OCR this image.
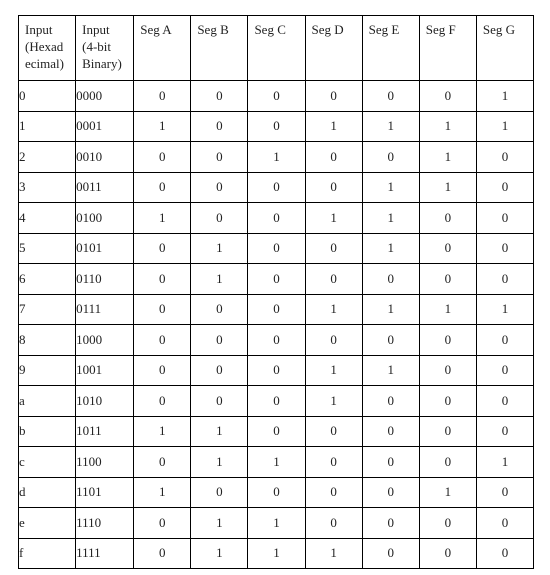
Input (Hexad ecimal)	Input (4-bit Binary)	Seg A	Seg B	Seg C	Seg D	Seg E	Seg F	Seg G
0	0000	0	0	0	0	0	0	1
1	0001	1	0	0	1	1	1	1
2	0010	0	0	1	0	0	1	0
3	0011	0	0	0	0	1	1	0
4	0100	1	0	0	1	1	0	0
5	0101	0	1	0	0	1	0	0
6	0110	0	1	0	0	0	0	0
7	0111	0	0	0	1	1	1	1
8	1000	0	0	0	0	0	0	0
9	1001	0	0	0	1	1	0	0
a	1010	0	0	0	1	0	0	0
b	1011	1	1	0	0	0	0	0
c	1100	0	1	1	0	0	0	1
d	1101	1	0	0	0	0	1	0
e	1110	0	1	1	0	0	0	0
f	1111	0	1	1	1	0	0	0
